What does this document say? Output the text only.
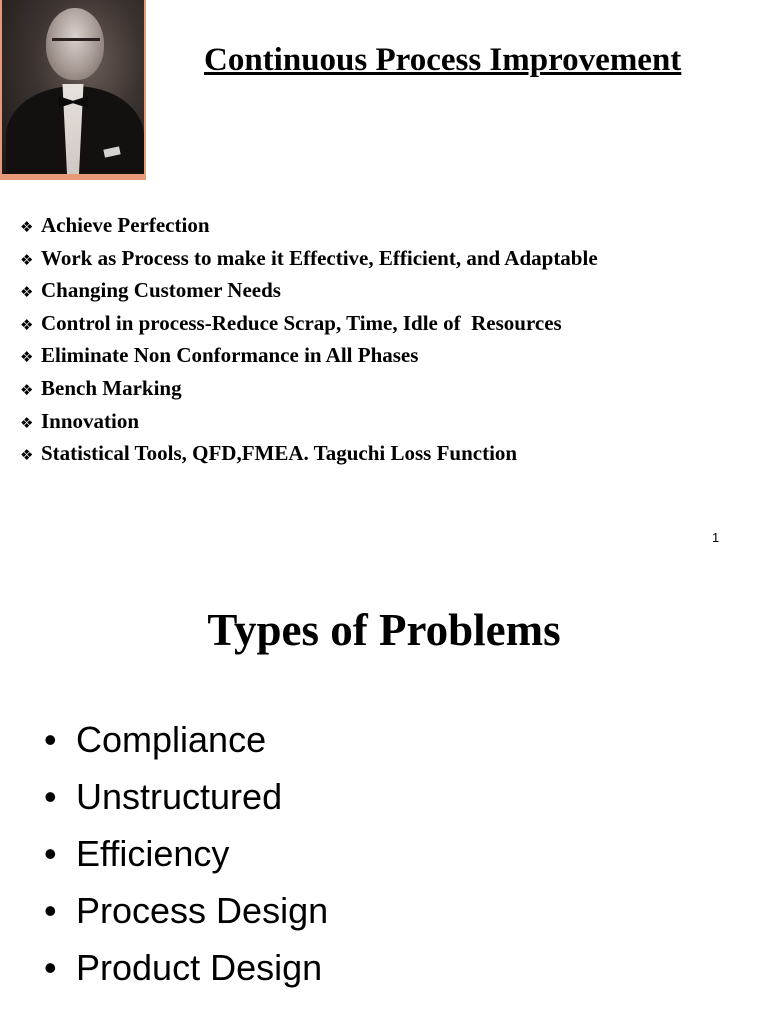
Continuous Process Improvement
❖ Achieve Perfection
❖ Work as Process to make it Effective, Efficient, and Adaptable
❖ Changing Customer Needs
❖ Control in process-Reduce Scrap, Time, Idle of  Resources
❖ Eliminate Non Conformance in All Phases
❖ Bench Marking
❖ Innovation
❖ Statistical Tools, QFD,FMEA. Taguchi Loss Function
1
Types of Problems
• Compliance
• Unstructured
• Efficiency
• Process Design
• Product Design
